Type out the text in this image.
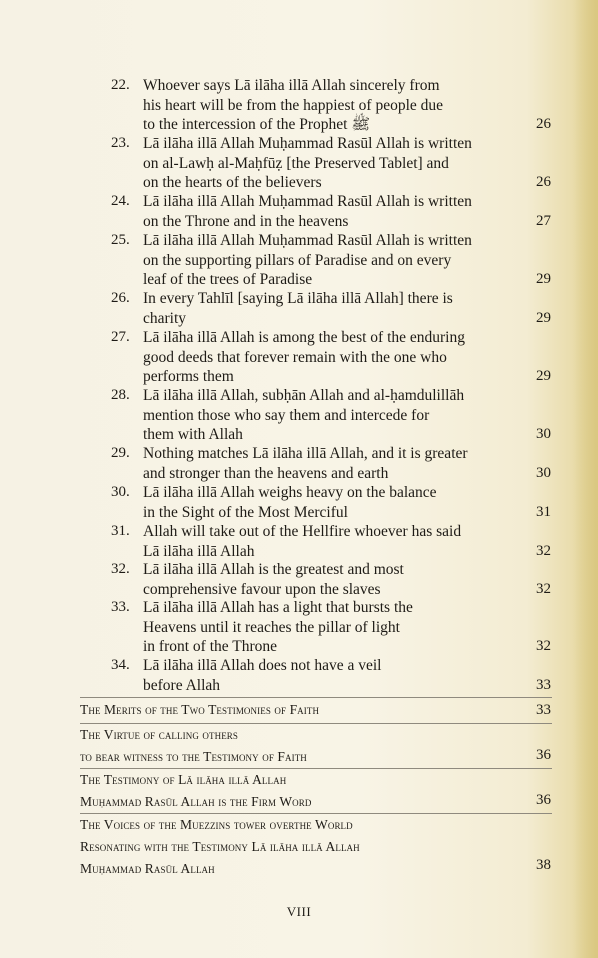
22. Whoever says Lā ilāha illā Allah sincerely from
his heart will be from the happiest of people due
to the intercession of the Prophet ﷺ	26
23. Lā ilāha illā Allah Muḥammad Rasūl Allah is written
on al-Lawḥ al-Maḥfūẓ [the Preserved Tablet] and
on the hearts of the believers	26
24. Lā ilāha illā Allah Muḥammad Rasūl Allah is written
on the Throne and in the heavens	27
25. Lā ilāha illā Allah Muḥammad Rasūl Allah is written
on the supporting pillars of Paradise and on every
leaf of the trees of Paradise	29
26. In every Tahlīl [saying Lā ilāha illā Allah] there is
charity	29
27. Lā ilāha illā Allah is among the best of the enduring
good deeds that forever remain with the one who
performs them	29
28. Lā ilāha illā Allah, subḥān Allah and al-ḥamdulillāh
mention those who say them and intercede for
them with Allah	30
29. Nothing matches Lā ilāha illā Allah, and it is greater
and stronger than the heavens and earth	30
30. Lā ilāha illā Allah weighs heavy on the balance
in the Sight of the Most Merciful	31
31. Allah will take out of the Hellfire whoever has said
Lā ilāha illā Allah	32
32. Lā ilāha illā Allah is the greatest and most
comprehensive favour upon the slaves	32
33. Lā ilāha illā Allah has a light that bursts the
Heavens until it reaches the pillar of light
in front of the Throne	32
34. Lā ilāha illā Allah does not have a veil
before Allah	33
The Merits of the Two Testimonies of Faith	33
The Virtue of calling others
to bear witness to the Testimony of Faith	36
The Testimony of Lā ilāha illā Allah
Muḥammad Rasūl Allah is the Firm Word	36
The Voices of the Muezzins tower overthe World
Resonating with the Testimony Lā ilāha illā Allah
Muḥammad Rasūl Allah	38
VIII
